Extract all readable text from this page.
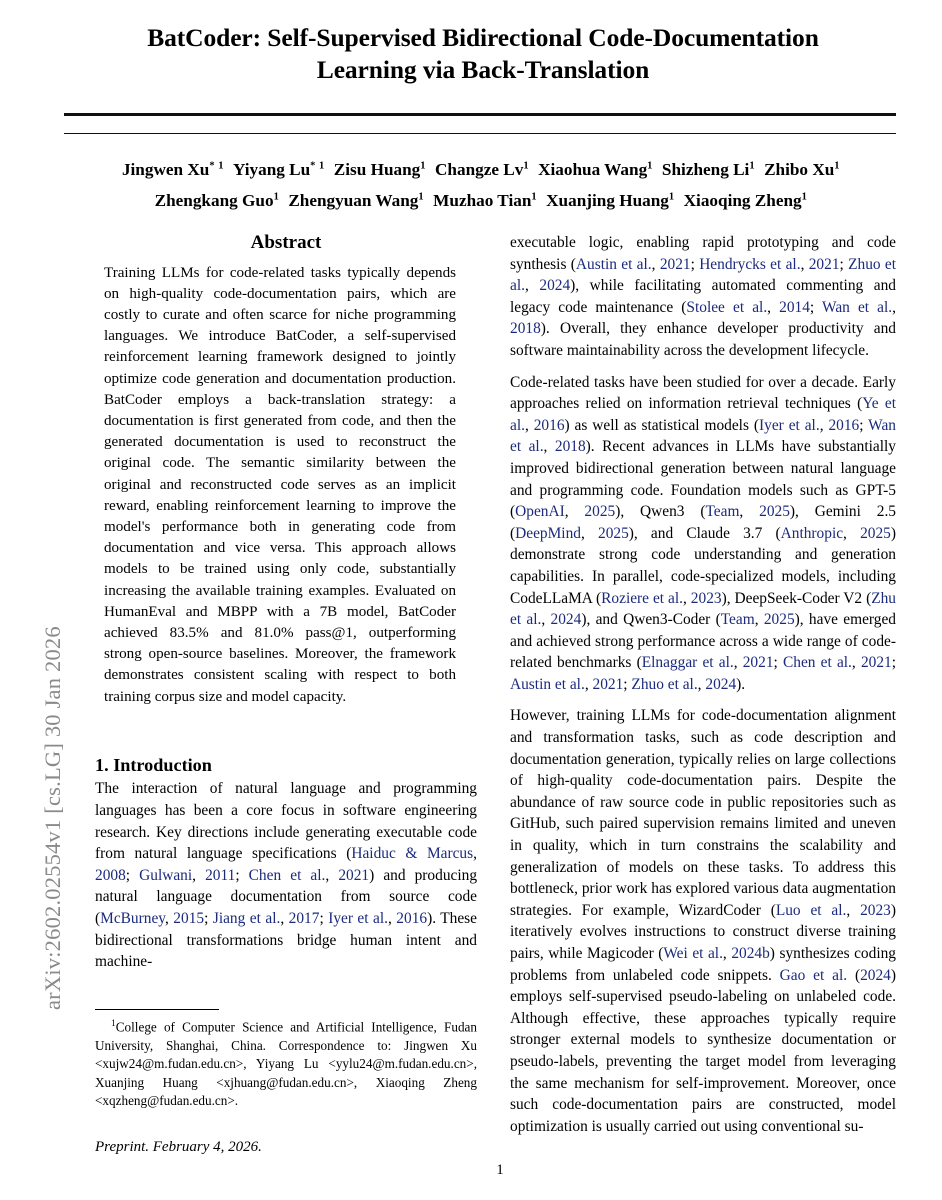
arXiv:2602.02554v1 [cs.LG] 30 Jan 2026
BatCoder: Self-Supervised Bidirectional Code-Documentation
Learning via Back-Translation
Jingwen Xu$^{* 1}$ Yiyang Lu$^{* 1}$ Zisu Huang$^1$ Changze Lv$^1$ Xiaohua Wang$^1$ Shizheng Li$^1$ Zhibo Xu$^1$
Zhengkang Guo$^1$ Zhengyuan Wang$^1$ Muzhao Tian$^1$ Xuanjing Huang$^1$ Xiaoqing Zheng$^1$
Abstract
Training LLMs for code-related tasks typically depends on high-quality code-documentation pairs, which are costly to curate and often scarce for niche programming languages. We introduce BatCoder, a self-supervised reinforcement learning framework designed to jointly optimize code generation and documentation production. BatCoder employs a back-translation strategy: a documentation is first generated from code, and then the generated documentation is used to reconstruct the original code. The semantic similarity between the original and reconstructed code serves as an implicit reward, enabling reinforcement learning to improve the model's performance both in generating code from documentation and vice versa. This approach allows models to be trained using only code, substantially increasing the available training examples. Evaluated on HumanEval and MBPP with a 7B model, BatCoder achieved 83.5% and 81.0% pass@1, outperforming strong open-source baselines. Moreover, the framework demonstrates consistent scaling with respect to both training corpus size and model capacity.
1. Introduction

The interaction of natural language and programming languages has been a core focus in software engineering research. Key directions include generating executable code from natural language specifications (Haiduc & Marcus, 2008; Gulwani, 2011; Chen et al., 2021) and producing natural language documentation from source code (McBurney, 2015; Jiang et al., 2017; Iyer et al., 2016). These bidirectional transformations bridge human intent and machine-

executable logic, enabling rapid prototyping and code synthesis (Austin et al., 2021; Hendrycks et al., 2021; Zhuo et al., 2024), while facilitating automated commenting and legacy code maintenance (Stolee et al., 2014; Wan et al., 2018). Overall, they enhance developer productivity and software maintainability across the development lifecycle.

Code-related tasks have been studied for over a decade. Early approaches relied on information retrieval techniques (Ye et al., 2016) as well as statistical models (Iyer et al., 2016; Wan et al., 2018). Recent advances in LLMs have substantially improved bidirectional generation between natural language and programming code. Foundation models such as GPT-5 (OpenAI, 2025), Qwen3 (Team, 2025), Gemini 2.5 (DeepMind, 2025), and Claude 3.7 (Anthropic, 2025) demonstrate strong code understanding and generation capabilities. In parallel, code-specialized models, including CodeLLaMA (Roziere et al., 2023), DeepSeek-Coder V2 (Zhu et al., 2024), and Qwen3-Coder (Team, 2025), have emerged and achieved strong performance across a wide range of code-related benchmarks (Elnaggar et al., 2021; Chen et al., 2021; Austin et al., 2021; Zhuo et al., 2024).

However, training LLMs for code-documentation alignment and transformation tasks, such as code description and documentation generation, typically relies on large collections of high-quality code-documentation pairs. Despite the abundance of raw source code in public repositories such as GitHub, such paired supervision remains limited and uneven in quality, which in turn constrains the scalability and generalization of models on these tasks. To address this bottleneck, prior work has explored various data augmentation strategies. For example, WizardCoder (Luo et al., 2023) iteratively evolves instructions to construct diverse training pairs, while Magicoder (Wei et al., 2024b) synthesizes coding problems from unlabeled code snippets. Gao et al. (2024) employs self-supervised pseudo-labeling on unlabeled code. Although effective, these approaches typically require stronger external models to synthesize documentation or pseudo-labels, preventing the target model from leveraging the same mechanism for self-improvement. Moreover, once such code-documentation pairs are constructed, model optimization is usually carried out using conventional su-

$^1$College of Computer Science and Artificial Intelligence, Fudan University, Shanghai, China. Correspondence to: Jingwen Xu <xujw24@m.fudan.edu.cn>, Yiyang Lu <yylu24@m.fudan.edu.cn>, Xuanjing Huang <xjhuang@fudan.edu.cn>, Xiaoqing Zheng <xqzheng@fudan.edu.cn>.
Preprint. February 4, 2026.
1
